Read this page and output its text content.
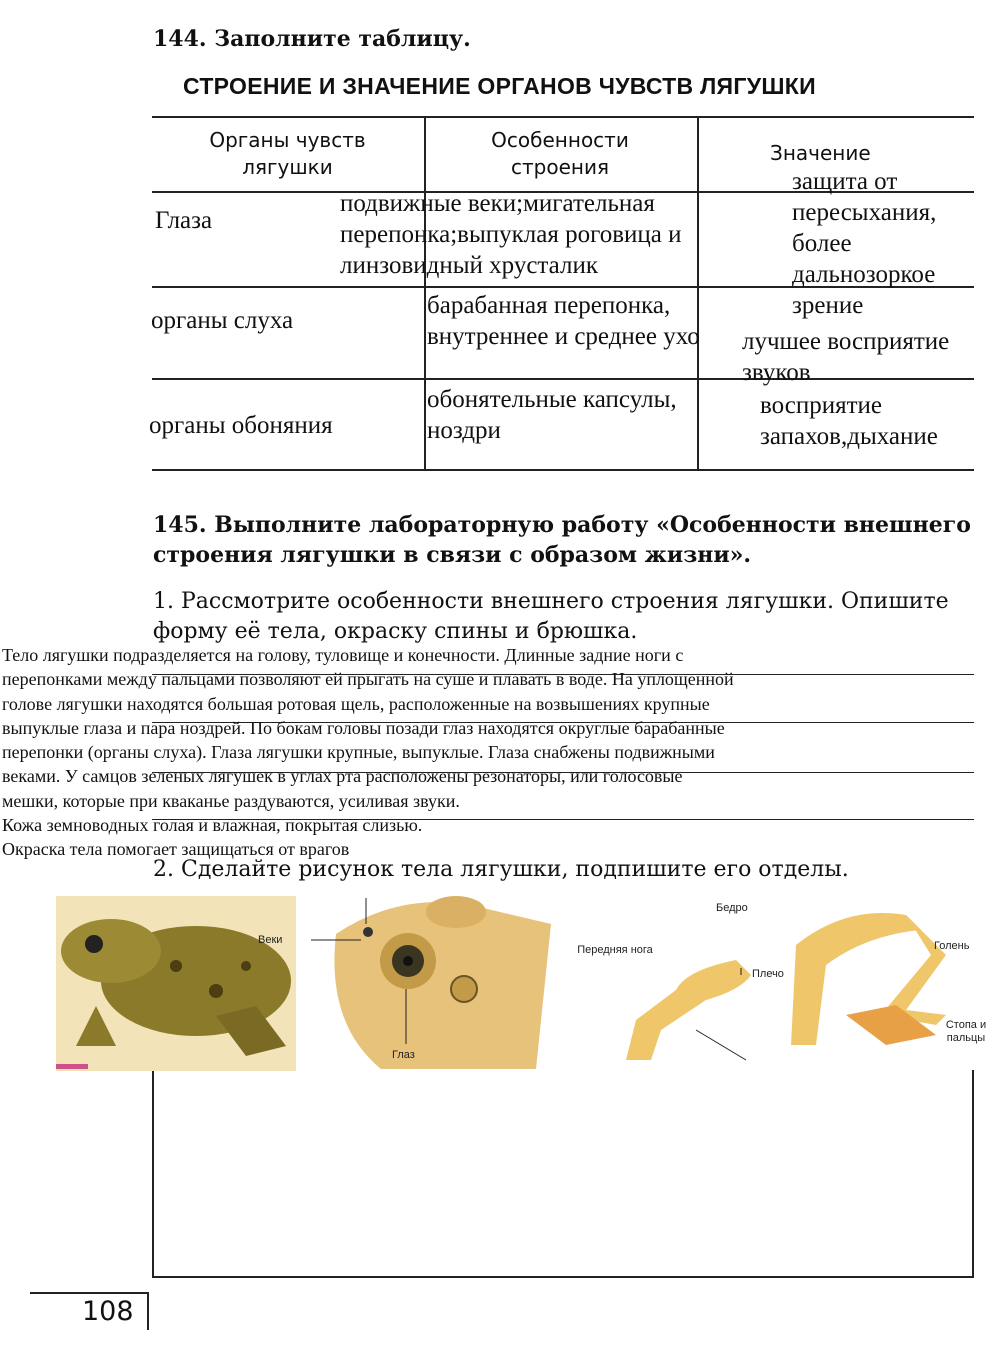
144. Заполните таблицу.
СТРОЕНИЕ И ЗНАЧЕНИЕ ОРГАНОВ ЧУВСТВ ЛЯГУШКИ
Органы чувств лягушки
Особенности строения
Значение
Глаза
подвижные веки;мигательная перепонка;выпуклая роговица и линзовидный хрусталик
защита от пересыхания, более дальнозоркое зрение
органы слуха
барабанная перепонка, внутреннее и среднее ухо	лучшее восприятие звуков
органы обоняния
обонятельные капсулы, ноздри
восприятие запахов,дыхание
145. Выполните лабораторную работу «Особенности внешнего строения лягушки в связи с образом жизни».
1. Рассмотрите особенности внешнего строения лягушки. Опишите форму её тела, окраску спины и брюшка.
Тело лягушки подразделяется на голову, туловище и конечности. Длинные задние ноги с
перепонками между пальцами позволяют ей прыгать на суше и плавать в воде. На уплощенной
голове лягушки находятся большая ротовая щель, расположенные на возвышениях крупные
выпуклые глаза и пара ноздрей. По бокам головы позади глаз находятся округлые барабанные
перепонки (органы слуха). Глаза лягушки крупные, выпуклые. Глаза снабжены подвижными
веками. У самцов зеленых лягушек в углах рта расположены резонаторы, или голосовые
мешки, которые при кваканье раздуваются, усиливая звуки.
Кожа земноводных голая и влажная, покрытая слизью.
Окраска тела помогает защищаться от врагов
2. Сделайте рисунок тела лягушки, подпишите его отделы.
Веки
Глаз
Передняя нога
Плечо
Бедро
Голень
Стопа и пальцы
108
